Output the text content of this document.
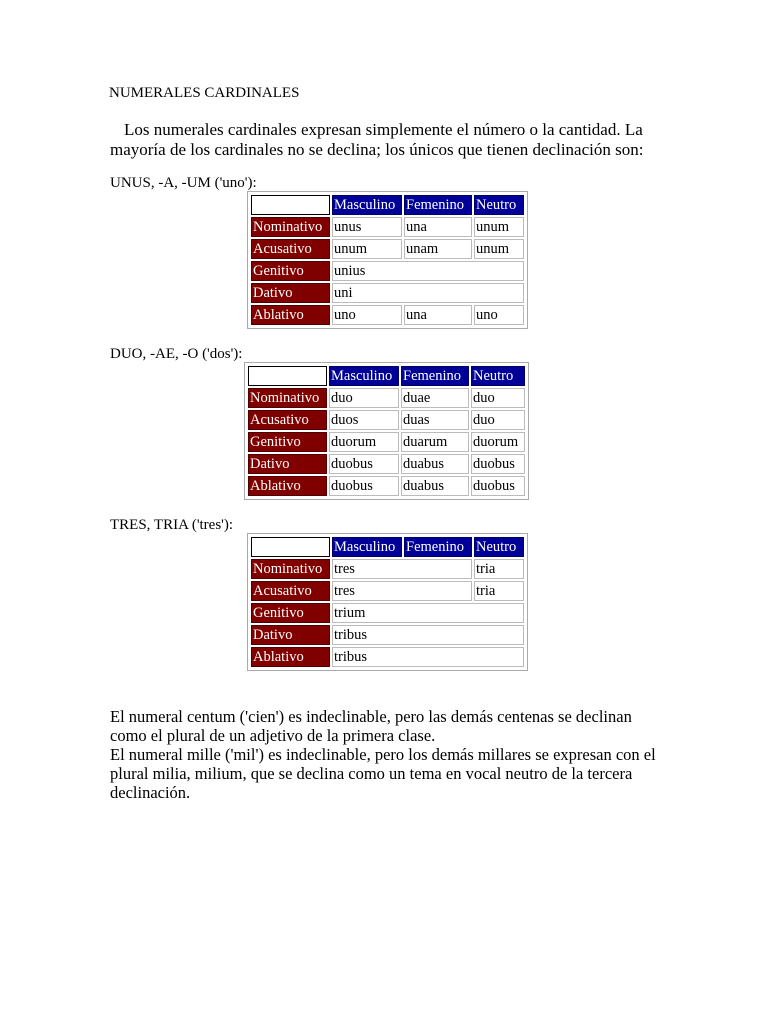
NUMERALES CARDINALES
Los numerales cardinales expresan simplemente el número o la cantidad. La mayoría de los cardinales no se declina; los únicos que tienen declinación son:
UNUS, -A, -UM ('uno'):
	Masculino	Femenino	Neutro
Nominativo	unus	una	unum
Acusativo	unum	unam	unum
Genitivo	unius		
Dativo	uni		
Ablativo	uno	una	uno
DUO, -AE, -O ('dos'):
	Masculino	Femenino	Neutro
Nominativo	duo	duae	duo
Acusativo	duos	duas	duo
Genitivo	duorum	duarum	duorum
Dativo	duobus	duabus	duobus
Ablativo	duobus	duabus	duobus
TRES, TRIA ('tres'):
	Masculino	Femenino	Neutro
Nominativo	tres		tria
Acusativo	tres		tria
Genitivo	trium		
Dativo	tribus		
Ablativo	tribus		
El numeral centum ('cien') es indeclinable, pero las demás centenas se declinan como el plural de un adjetivo de la primera clase.
El numeral mille ('mil') es indeclinable, pero los demás millares se expresan con el plural milia, milium, que se declina como un tema en vocal neutro de la tercera declinación.
